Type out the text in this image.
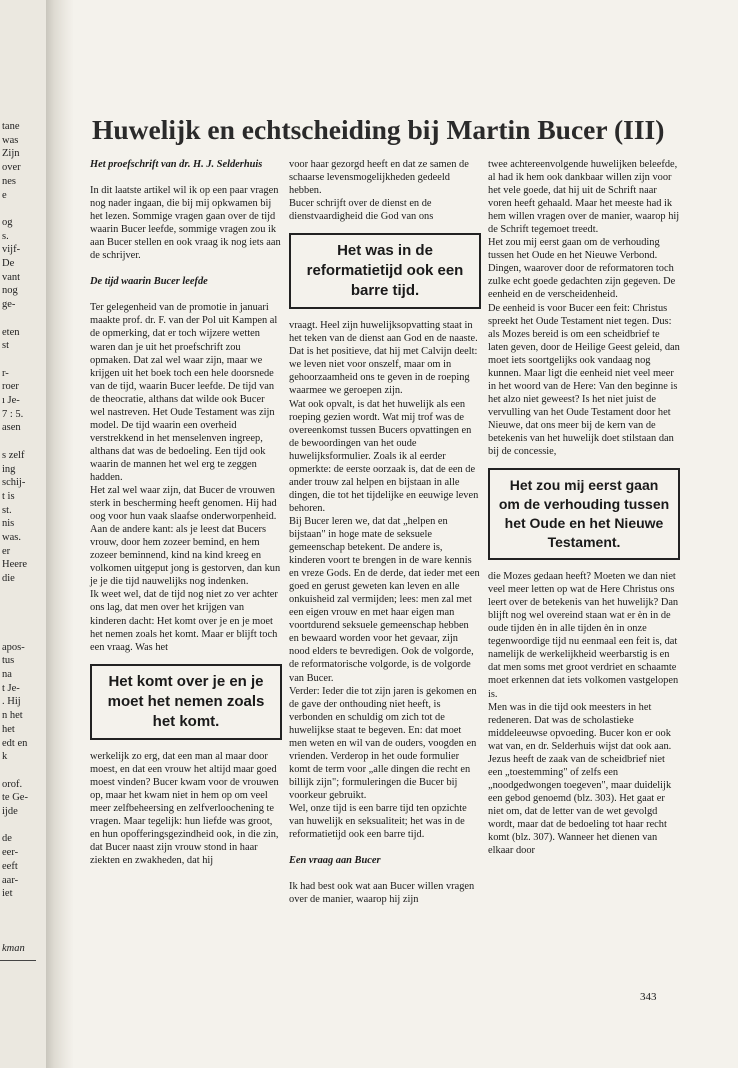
tane
was
Zijn
over
nes
e
og
s.
vijf-
De
vant
nog
ge-
eten
st
r-
roer
ı Je-
7 : 5.
asen
s zelf
ing
schij-
t is
st.
nis
was.
er
Heere
die
apos-
tus
na
t Je-
. Hij
n het
het
edt en
k
orof.
te Ge-
ijde
de
eer-
eeft
aar-
iet
kman
Huwelijk en echtscheiding bij Martin Bucer (III)
Het proefschrift van dr. H. J. Selderhuis

In dit laatste artikel wil ik op een paar vragen nog nader ingaan, die bij mij opkwamen bij het lezen. Sommige vragen gaan over de tijd waarin Bucer leefde, sommige vragen zou ik aan Bucer stellen en ook vraag ik nog iets aan de schrijver.

De tijd waarin Bucer leefde

Ter gelegenheid van de promotie in januari maakte prof. dr. F. van der Pol uit Kampen al de opmerking, dat er toch wijzere wetten waren dan je uit het proefschrift zou opmaken. Dat zal wel waar zijn, maar we krijgen uit het boek toch een hele doorsnede van de tijd, waarin Bucer leefde. De tijd van de theocratie, althans dat wilde ook Bucer wel nastreven. Het Oude Testament was zijn model. De tijd waarin een overheid verstrekkend in het menselenven ingreep, althans dat was de bedoeling. Een tijd ook waarin de mannen het wel erg te zeggen hadden.

Het zal wel waar zijn, dat Bucer de vrouwen sterk in bescherming heeft genomen. Hij had oog voor hun vaak slaafse onderworpenheid. Aan de andere kant: als je leest dat Bucers vrouw, door hem zozeer bemind, en hem zozeer beminnend, kind na kind kreeg en volkomen uitgeput jong is gestorven, dan kun je je die tijd nauwelijks nog indenken.

Ik weet wel, dat de tijd nog niet zo ver achter ons lag, dat men over het krijgen van kinderen dacht: Het komt over je en je moet het nemen zoals het komt. Maar er blijft toch een vraag. Was het

Het komt over je en je moet het nemen zoals het komt.

werkelijk zo erg, dat een man al maar door moest, en dat een vrouw het altijd maar goed moest vinden? Bucer kwam voor de vrouwen op, maar het kwam niet in hem op om veel meer zelfbeheersing en zelfverloochening te vragen. Maar tegelijk: hun liefde was groot, en hun opofferingsgezindheid ook, in die zin, dat Bucer naast zijn vrouw stond in haar ziekten en zwakheden, dat hij

voor haar gezorgd heeft en dat ze samen de schaarse levensmogelijkheden gedeeld hebben.

Bucer schrijft over de dienst en de dienstvaardigheid die God van ons

Het was in de reformatietijd ook een barre tijd.

vraagt. Heel zijn huwelijksopvatting staat in het teken van de dienst aan God en de naaste. Dat is het positieve, dat hij met Calvijn deelt: we leven niet voor onszelf, maar om in gehoorzaamheid ons te geven in de roeping waarmee we geroepen zijn.

Wat ook opvalt, is dat het huwelijk als een roeping gezien wordt. Wat mij trof was de overeenkomst tussen Bucers opvattingen en de bewoordingen van het oude huwelijksformulier. Zoals ik al eerder opmerkte: de eerste oorzaak is, dat de een de ander trouw zal helpen en bijstaan in alle dingen, die tot het tijdelijke en eeuwige leven behoren.

Bij Bucer leren we, dat dat „helpen en bijstaan" in hoge mate de seksuele gemeenschap betekent. De andere is, kinderen voort te brengen in de ware kennis en vreze Gods. En de derde, dat ieder met een goed en gerust geweten kan leven en alle onkuisheid zal vermijden; lees: men zal met een eigen vrouw en met haar eigen man voortdurend seksuele gemeenschap hebben en bewaard worden voor het gevaar, zijn nood elders te bevredigen. Ook de volgorde, de reformatorische volgorde, is de volgorde van Bucer.

Verder: Ieder die tot zijn jaren is gekomen en de gave der onthouding niet heeft, is verbonden en schuldig om zich tot de huwelijkse staat te begeven. En: dat moet men weten en wil van de ouders, voogden en vrienden. Verderop in het oude formulier komt de term voor „alle dingen die recht en billijk zijn"; formuleringen die Bucer bij voorkeur gebruikt.

Wel, onze tijd is een barre tijd ten opzichte van huwelijk en seksualiteit; het was in de reformatietijd ook een barre tijd.

Een vraag aan Bucer

Ik had best ook wat aan Bucer willen vragen over de manier, waarop hij zijn

twee achtereenvolgende huwelijken beleefde, al had ik hem ook dankbaar willen zijn voor het vele goede, dat hij uit de Schrift naar voren heeft gehaald. Maar het meeste had ik hem willen vragen over de manier, waarop hij de Schrift tegemoet treedt.

Het zou mij eerst gaan om de verhouding tussen het Oude en het Nieuwe Verbond. Dingen, waarover door de reformatoren toch zulke echt goede gedachten zijn gegeven. De eenheid en de verscheidenheid.

De eenheid is voor Bucer een feit: Christus spreekt het Oude Testament niet tegen. Dus: als Mozes bereid is om een scheidbrief te laten geven, door de Heilige Geest geleid, dan moet iets soortgelijks ook vandaag nog kunnen. Maar ligt die eenheid niet veel meer in het woord van de Here: Van den beginne is het alzo niet geweest? Is het niet juist de vervulling van het Oude Testament door het Nieuwe, dat ons meer bij de kern van de betekenis van het huwelijk doet stilstaan dan bij de concessie,

Het zou mij eerst gaan om de verhouding tussen het Oude en het Nieuwe Testament.

die Mozes gedaan heeft? Moeten we dan niet veel meer letten op wat de Here Christus ons leert over de betekenis van het huwelijk? Dan blijft nog wel overeind staan wat er èn in de oude tijden èn in alle tijden èn in onze tegenwoordige tijd nu eenmaal een feit is, dat namelijk de werkelijkheid weerbarstig is en dat men soms met groot verdriet en schaamte moet erkennen dat iets volkomen vastgelopen is.

Men was in die tijd ook meesters in het redeneren. Dat was de scholastieke middeleeuwse opvoeding. Bucer kon er ook wat van, en dr. Selderhuis wijst dat ook aan.

Jezus heeft de zaak van de scheidbrief niet een „toestemming" of zelfs een „noodgedwongen toegeven", maar duidelijk een gebod genoemd (blz. 303). Het gaat er niet om, dat de letter van de wet gevolgd wordt, maar dat de bedoeling tot haar recht komt (blz. 307). Wanneer het dienen van elkaar door

343
